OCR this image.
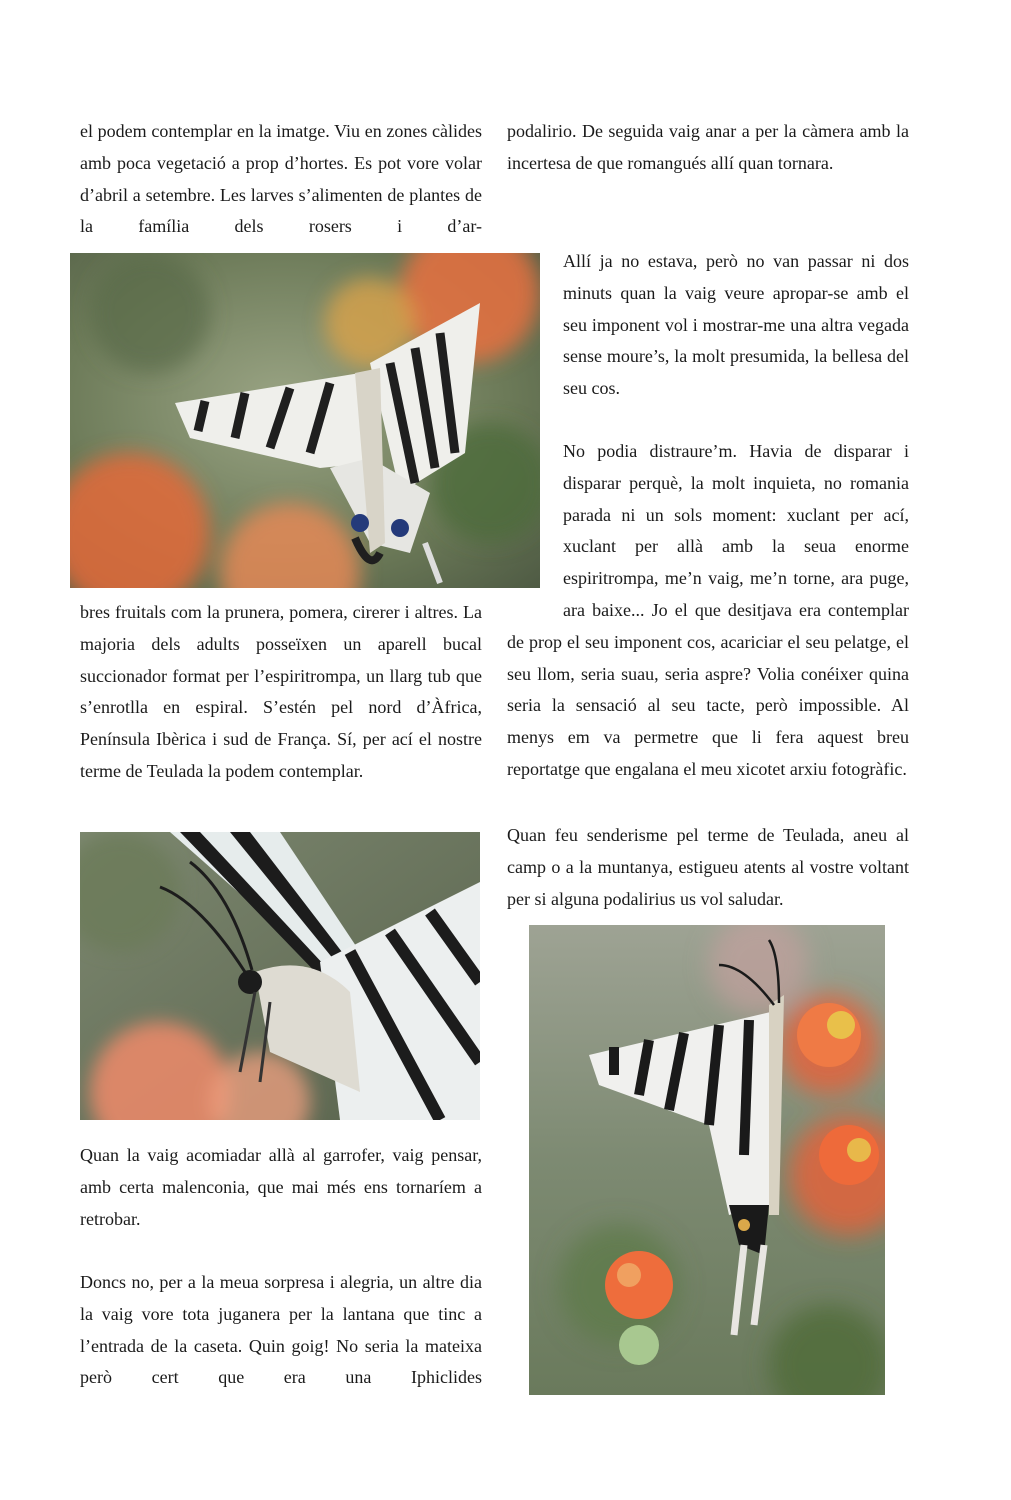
el podem contemplar en la imatge. Viu en zones càlides amb poca vegetació a prop d’hortes. Es pot vore volar d’abril a setembre. Les larves s’alimenten de plantes de la família dels rosers i d’ar-

bres fruitals com la prunera, pomera, cirerer i altres. La majoria dels adults posseïxen un aparell bucal succionador format per l’espiritrompa, un llarg tub que s’enrotlla en espiral. S’estén pel nord d’Àfrica, Península Ibèrica i sud de França. Sí, per ací el nostre terme de Teulada la podem contemplar.

Quan la vaig acomiadar allà al garrofer, vaig pensar, amb certa malenconia, que mai més ens tornaríem a retrobar.

Doncs no, per a la meua sorpresa i alegria, un altre dia la vaig vore tota juganera per la lantana que tinc a l’entrada de la caseta. Quin goig! No seria la mateixa però cert que era una Iphiclides

podalirio. De seguida vaig anar a per la càmera amb la incertesa de que romangués allí quan tornara.

Allí ja no estava, però no van passar ni dos minuts quan la vaig veure apropar-se amb el seu imponent vol i mostrar-me una altra vegada sense moure’s, la molt presumida, la bellesa del seu cos.

No podia distraure’m. Havia de disparar i disparar perquè, la molt inquieta, no romania parada ni un sols moment: xuclant per ací, xuclant per allà amb la seua enorme espiritrompa, me’n vaig, me’n torne, ara puge, ara baixe... Jo el que desitjava era contemplar de prop el seu imponent cos, acariciar el seu pelatge, el seu llom, seria suau, seria aspre? Volia conéixer quina seria la sensació al seu tacte, però impossible. Al menys em va permetre que li fera aquest breu reportatge que engalana el meu xicotet arxiu fotogràfic.

Quan feu senderisme pel terme de Teulada, aneu al camp o a la muntanya, estigueu atents al vostre voltant per si alguna podalirius us vol saludar.
